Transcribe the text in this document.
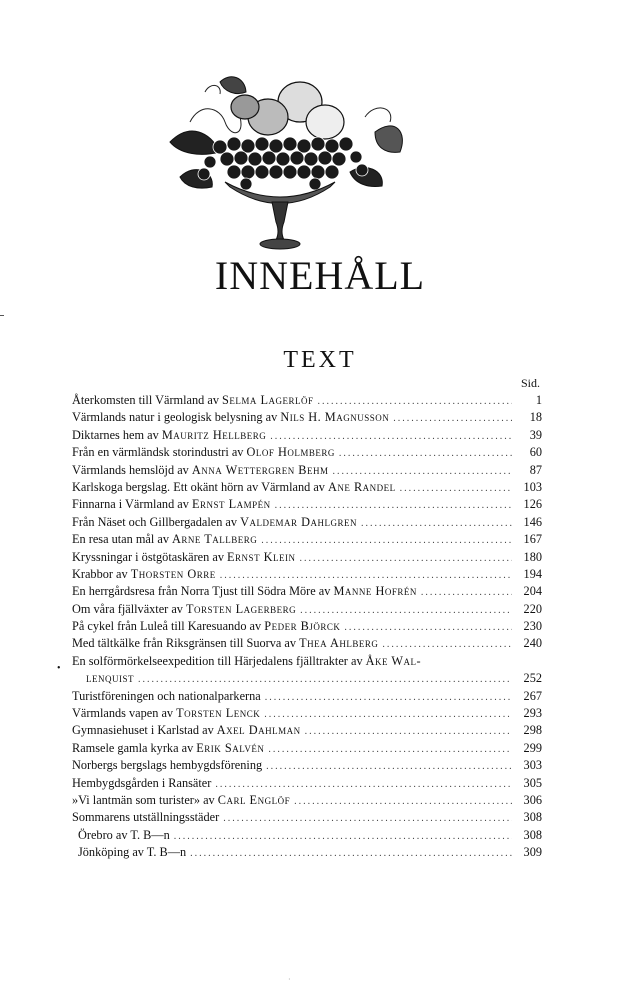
INNEHÅLL
TEXT
Sid.
•
Återkomsten till Värmland av Selma Lagerlöf .....	1
Värmlands natur i geologisk belysning av Nils H. Magnusson .....	18
Diktarnes hem av Mauritz Hellberg .....	39
Från en värmländsk storindustri av Olof Holmberg .....	60
Värmlands hemslöjd av Anna Wettergren Behm .....	87
Karlskoga bergslag. Ett okänt hörn av Värmland av Ane Randel .....	103
Finnarna i Värmland av Ernst Lampén .....	126
Från Näset och Gillbergadalen av Valdemar Dahlgren .....	146
En resa utan mål av Arne Tallberg .....	167
Kryssningar i östgötaskären av Ernst Klein .....	180
Krabbor av Thorsten Orre .....	194
En herrgårdsresa från Norra Tjust till Södra Möre av Manne Hofrén .....	204
Om våra fjällväxter av Torsten Lagerberg .....	220
På cykel från Luleå till Karesuando av Peder Björck .....	230
Med tältkälke från Riksgränsen till Suorva av Thea Ahlberg .....	240
En solförmörkelseexpedition till Härjedalens fjälltrakter av Åke Wal-
lenquist .....	252
Turistföreningen och nationalparkerna .....	267
Värmlands vapen av Torsten Lenck .....	293
Gymnasiehuset i Karlstad av Axel Dahlman .....	298
Ramsele gamla kyrka av Erik Salvén .....	299
Norbergs bergslags hembygdsförening .....	303
Hembygdsgården i Ransäter .....	305
»Vi lantmän som turister» av Carl Englöf .....	306
Sommarens utställningsstäder .....	308
Örebro av T. B—n .....	308
Jönköping av T. B—n .....	309
·
